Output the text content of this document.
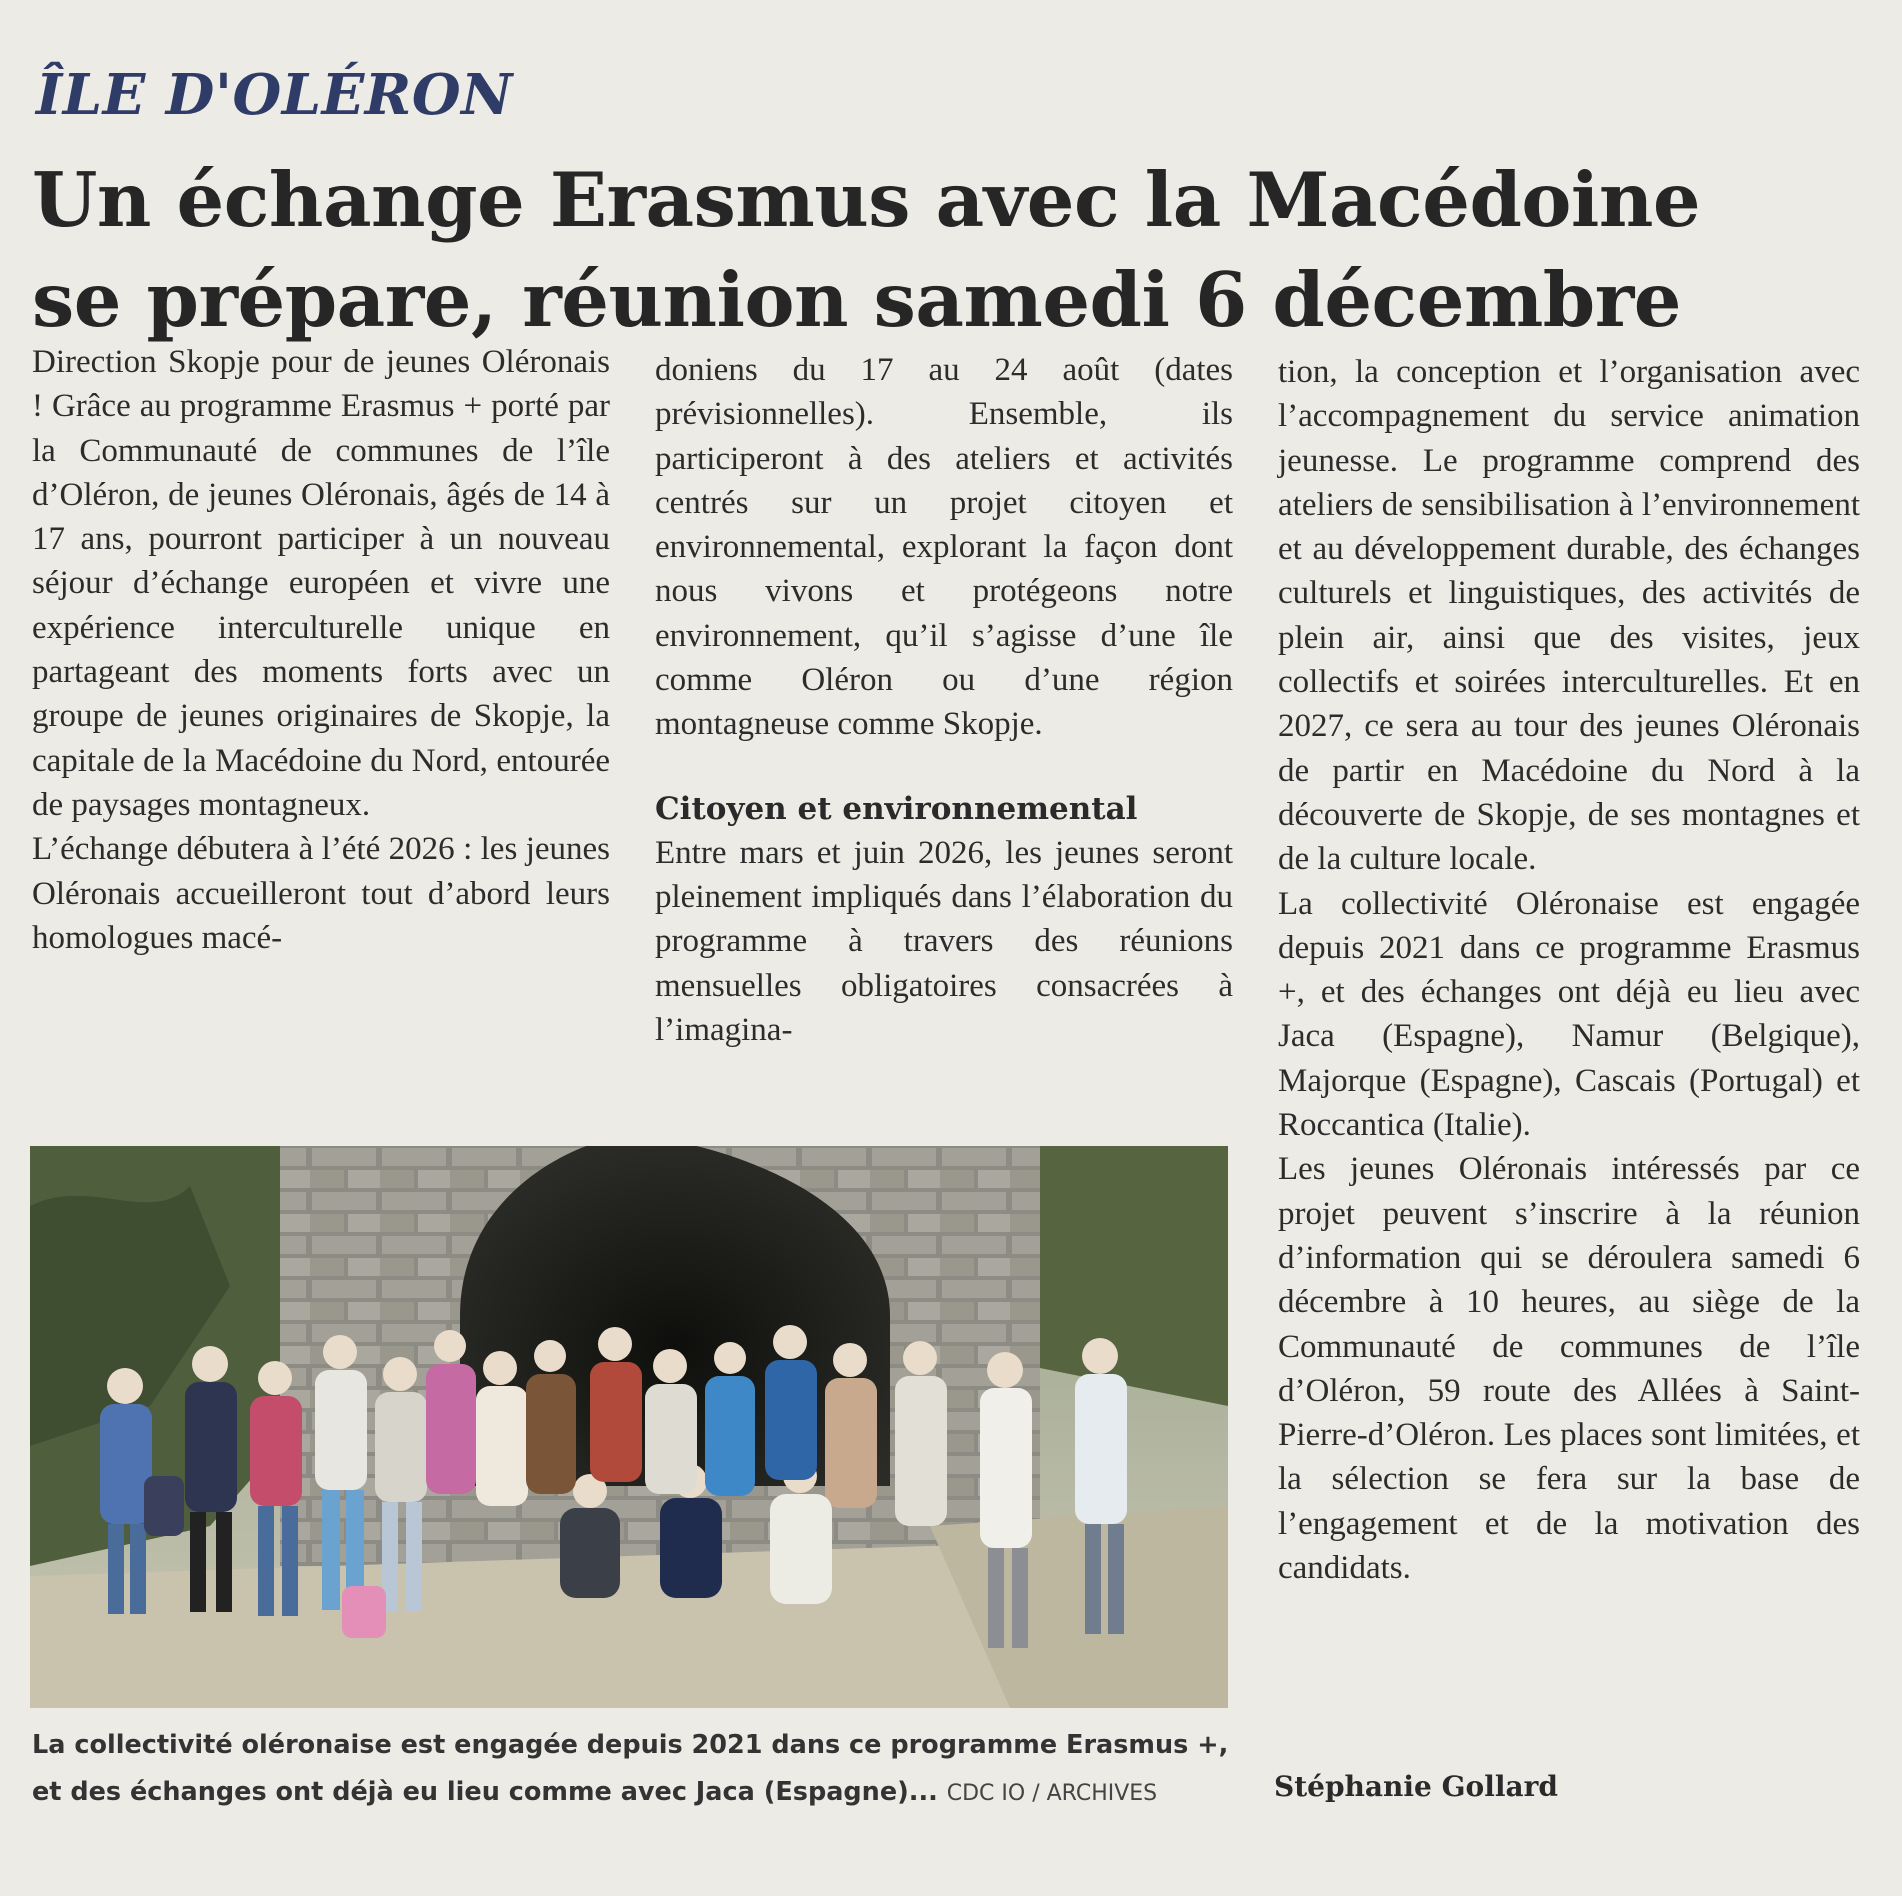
ÎLE D'OLÉRON
Un échange Erasmus avec la Macédoine
se prépare, réunion samedi 6 décembre

Direction Skopje pour de jeunes Oléronais ! Grâce au programme Erasmus + porté par la Communauté de communes de l’île d’Oléron, de jeunes Oléronais, âgés de 14 à 17 ans, pourront participer à un nouveau séjour d’échange européen et vivre une expérience interculturelle unique en partageant des moments forts avec un groupe de jeunes originaires de Skopje, la capitale de la Macédoine du Nord, entourée de paysages montagneux.

L’échange débutera à l’été 2026 : les jeunes Oléronais accueilleront tout d’abord leurs homologues macé-

doniens du 17 au 24 août (dates prévisionnelles). Ensemble, ils participeront à des ateliers et activités centrés sur un projet citoyen et environnemental, explorant la façon dont nous vivons et protégeons notre environnement, qu’il s’agisse d’une île comme Oléron ou d’une région montagneuse comme Skopje.

Citoyen et environnemental

Entre mars et juin 2026, les jeunes seront pleinement impliqués dans l’élaboration du programme à travers des réunions mensuelles obligatoires consacrées à l’imagina-

tion, la conception et l’organisation avec l’accompagnement du service animation jeunesse. Le programme comprend des ateliers de sensibilisation à l’environnement et au développement durable, des échanges culturels et linguistiques, des activités de plein air, ainsi que des visites, jeux collectifs et soirées interculturelles. Et en 2027, ce sera au tour des jeunes Oléronais de partir en Macédoine du Nord à la découverte de Skopje, de ses montagnes et de la culture locale.

La collectivité Oléronaise est engagée depuis 2021 dans ce programme Erasmus +, et des échanges ont déjà eu lieu avec Jaca (Espagne), Namur (Belgique), Majorque (Espagne), Cascais (Portugal) et Roccantica (Italie).

Les jeunes Oléronais intéressés par ce projet peuvent s’inscrire à la réunion d’information qui se déroulera samedi 6 décembre à 10 heures, au siège de la Communauté de communes de l’île d’Oléron, 59 route des Allées à Saint-Pierre-d’Oléron. Les places sont limitées, et la sélection se fera sur la base de l’engagement et de la motivation des candidats.

Stéphanie Gollard
La collectivité oléronaise est engagée depuis 2021 dans ce programme Erasmus +,
et des échanges ont déjà eu lieu comme avec Jaca (Espagne)... CDC IO / ARCHIVES
